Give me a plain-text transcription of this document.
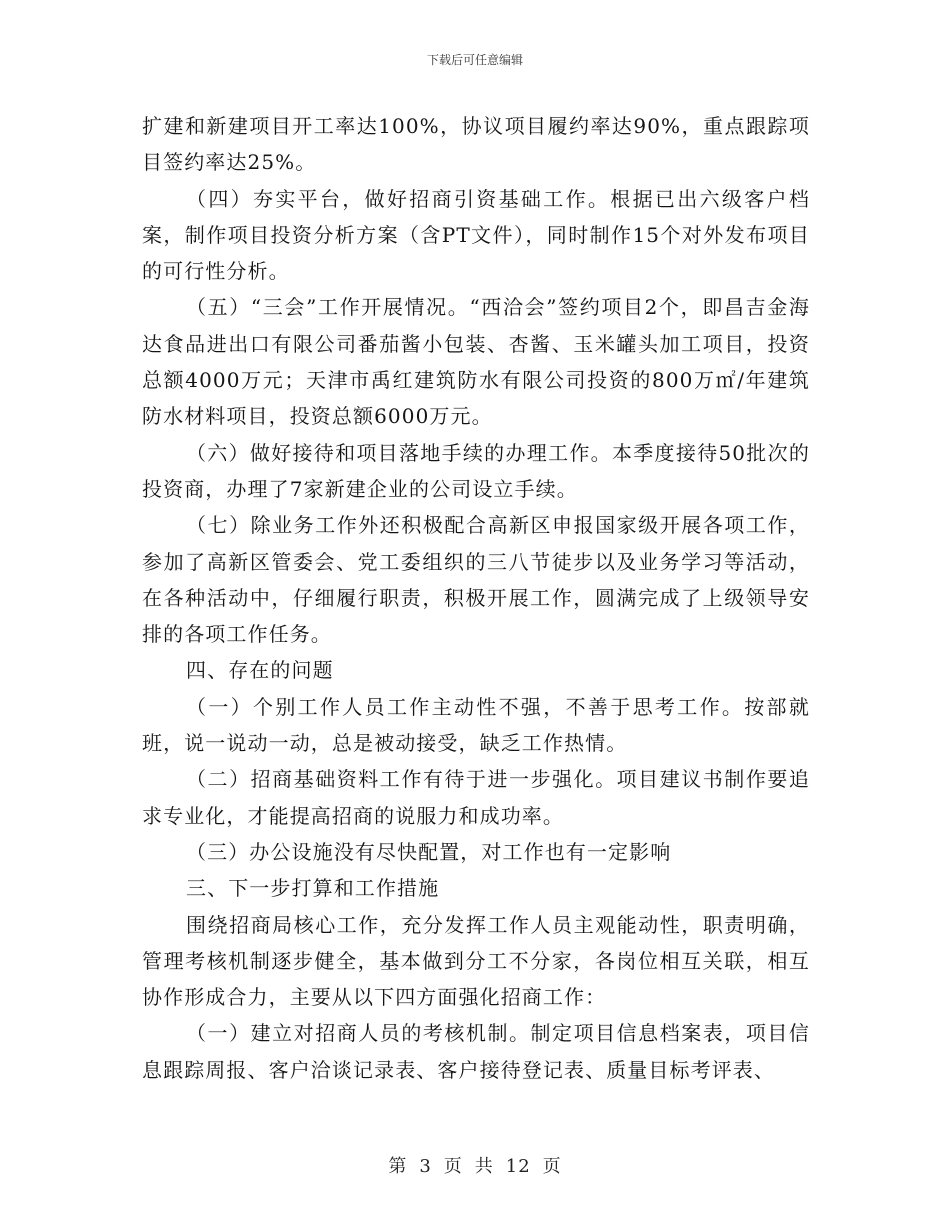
下载后可任意编辑

扩建和新建项目开工率达100%，协议项目履约率达90%，重点跟踪项目签约率达25%。

（四）夯实平台，做好招商引资基础工作。根据已出六级客户档案，制作项目投资分析方案（含PT文件），同时制作15个对外发布项目的可行性分析。

（五）“三会”工作开展情况。“西洽会”签约项目2个，即昌吉金海达食品进出口有限公司番茄酱小包装、杏酱、玉米罐头加工项目，投资总额4000万元；天津市禹红建筑防水有限公司投资的800万㎡/年建筑防水材料项目，投资总额6000万元。

（六）做好接待和项目落地手续的办理工作。本季度接待50批次的投资商，办理了7家新建企业的公司设立手续。

（七）除业务工作外还积极配合高新区申报国家级开展各项工作，参加了高新区管委会、党工委组织的三八节徒步以及业务学习等活动，在各种活动中，仔细履行职责，积极开展工作，圆满完成了上级领导安排的各项工作任务。

四、存在的问题

（一）个别工作人员工作主动性不强，不善于思考工作。按部就班，说一说动一动，总是被动接受，缺乏工作热情。

（二）招商基础资料工作有待于进一步强化。项目建议书制作要追求专业化，才能提高招商的说服力和成功率。

（三）办公设施没有尽快配置，对工作也有一定影响

三、下一步打算和工作措施

围绕招商局核心工作，充分发挥工作人员主观能动性，职责明确，管理考核机制逐步健全，基本做到分工不分家，各岗位相互关联，相互协作形成合力，主要从以下四方面强化招商工作：

（一）建立对招商人员的考核机制。制定项目信息档案表，项目信息跟踪周报、客户洽谈记录表、客户接待登记表、质量目标考评表、

第 3 页 共 12 页
